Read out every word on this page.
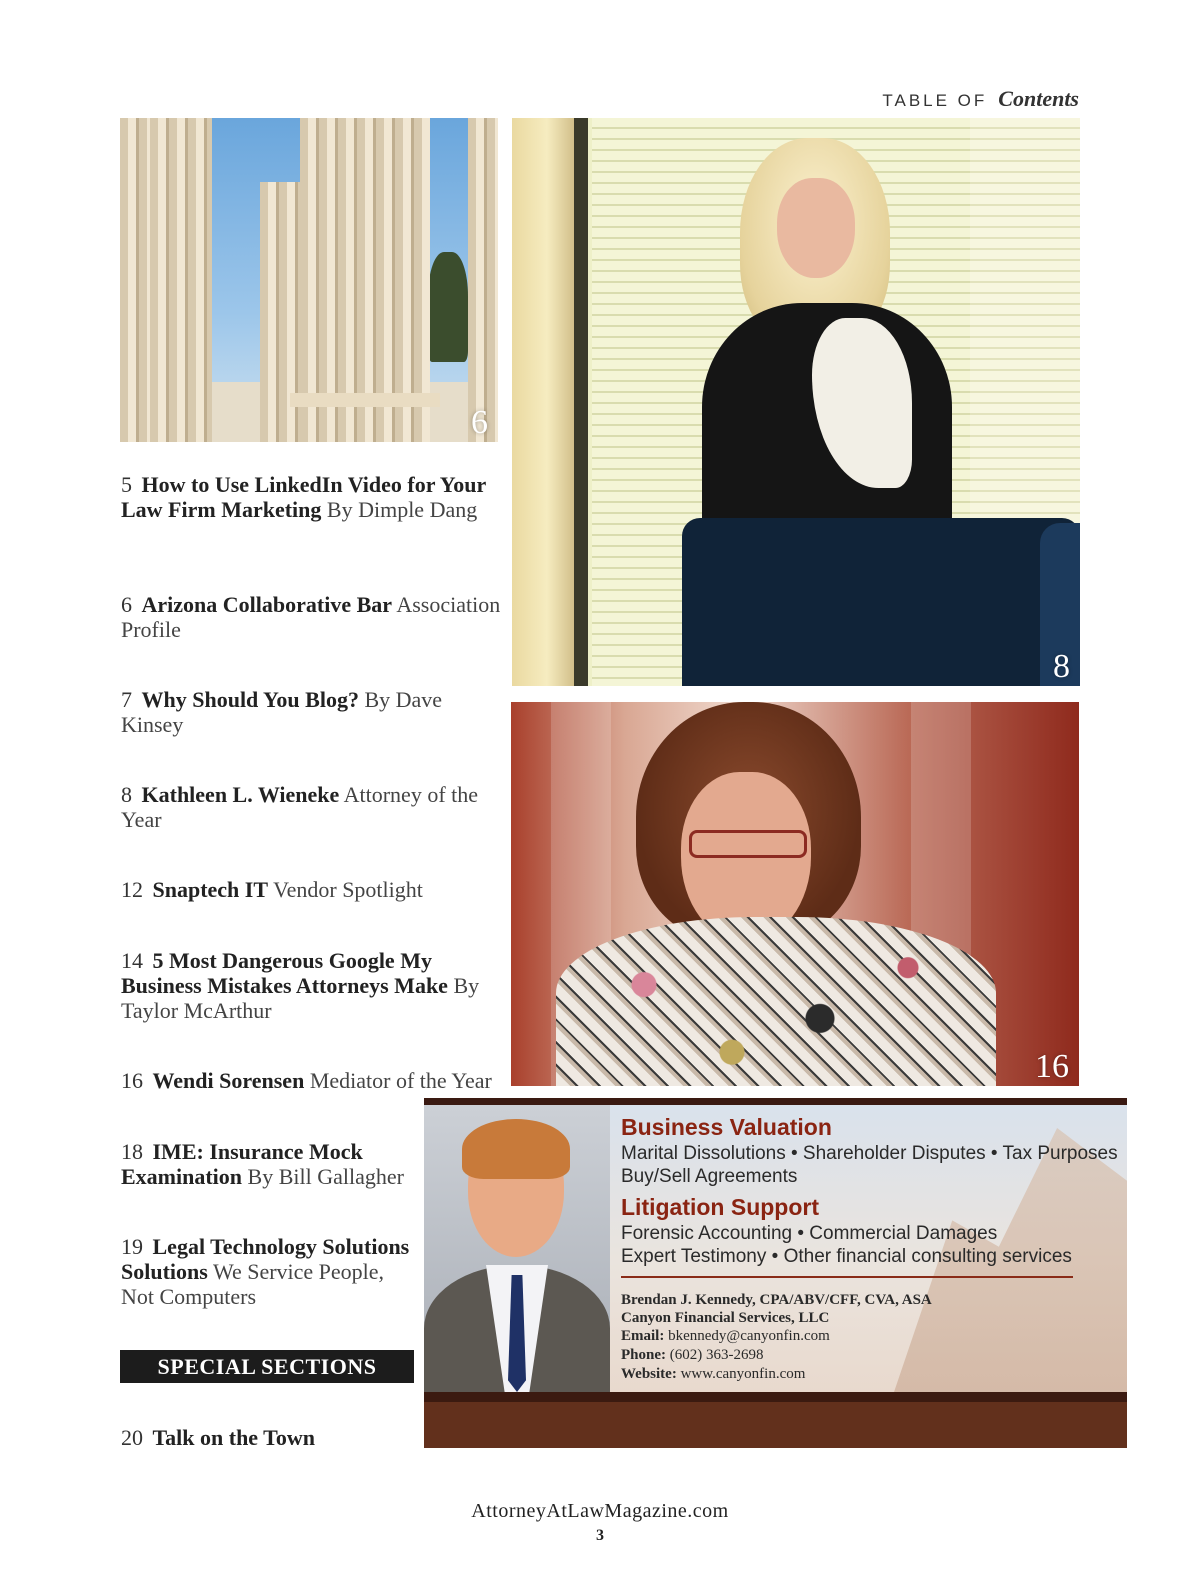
TABLE OF Contents
6
8
16
5 How to Use LinkedIn Video for Your Law Firm Marketing By Dimple Dang
6 Arizona Collaborative Bar Association Profile
7 Why Should You Blog? By Dave Kinsey
8 Kathleen L. Wieneke Attorney of the Year
12 Snaptech IT Vendor Spotlight
14 5 Most Dangerous Google My Business Mistakes Attorneys Make By Taylor McArthur
16 Wendi Sorensen Mediator of the Year
18 IME: Insurance Mock Examination By Bill Gallagher
19 Legal Technology Solutions Solutions We Service People, Not Computers
SPECIAL SECTIONS
20 Talk on the Town
Business Valuation
Marital Dissolutions • Shareholder Disputes • Tax Purposes
Buy/Sell Agreements
Litigation Support
Forensic Accounting • Commercial Damages
Expert Testimony • Other financial consulting services
Brendan J. Kennedy, CPA/ABV/CFF, CVA, ASA
Canyon Financial Services, LLC
Email: bkennedy@canyonfin.com
Phone: (602) 363-2698
Website: www.canyonfin.com
AttorneyAtLawMagazine.com
3
